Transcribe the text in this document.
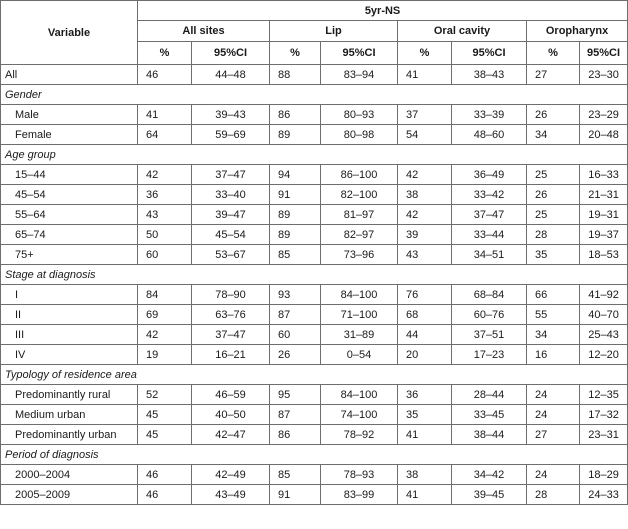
Variable	5yr-NS							
	All sites		Lip		Oral cavity		Oropharynx	
	%	95%CI	%	95%CI	%	95%CI	%	95%CI
All	46	44–48	88	83–94	41	38–43	27	23–30
Gender								
Male	41	39–43	86	80–93	37	33–39	26	23–29
Female	64	59–69	89	80–98	54	48–60	34	20–48
Age group								
15–44	42	37–47	94	86–100	42	36–49	25	16–33
45–54	36	33–40	91	82–100	38	33–42	26	21–31
55–64	43	39–47	89	81–97	42	37–47	25	19–31
65–74	50	45–54	89	82–97	39	33–44	28	19–37
75+	60	53–67	85	73–96	43	34–51	35	18–53
Stage at diagnosis								
I	84	78–90	93	84–100	76	68–84	66	41–92
II	69	63–76	87	71–100	68	60–76	55	40–70
III	42	37–47	60	31–89	44	37–51	34	25–43
IV	19	16–21	26	0–54	20	17–23	16	12–20
Typology of residence area								
Predominantly rural	52	46–59	95	84–100	36	28–44	24	12–35
Medium urban	45	40–50	87	74–100	35	33–45	24	17–32
Predominantly urban	45	42–47	86	78–92	41	38–44	27	23–31
Period of diagnosis								
2000–2004	46	42–49	85	78–93	38	34–42	24	18–29
2005–2009	46	43–49	91	83–99	41	39–45	28	24–33
